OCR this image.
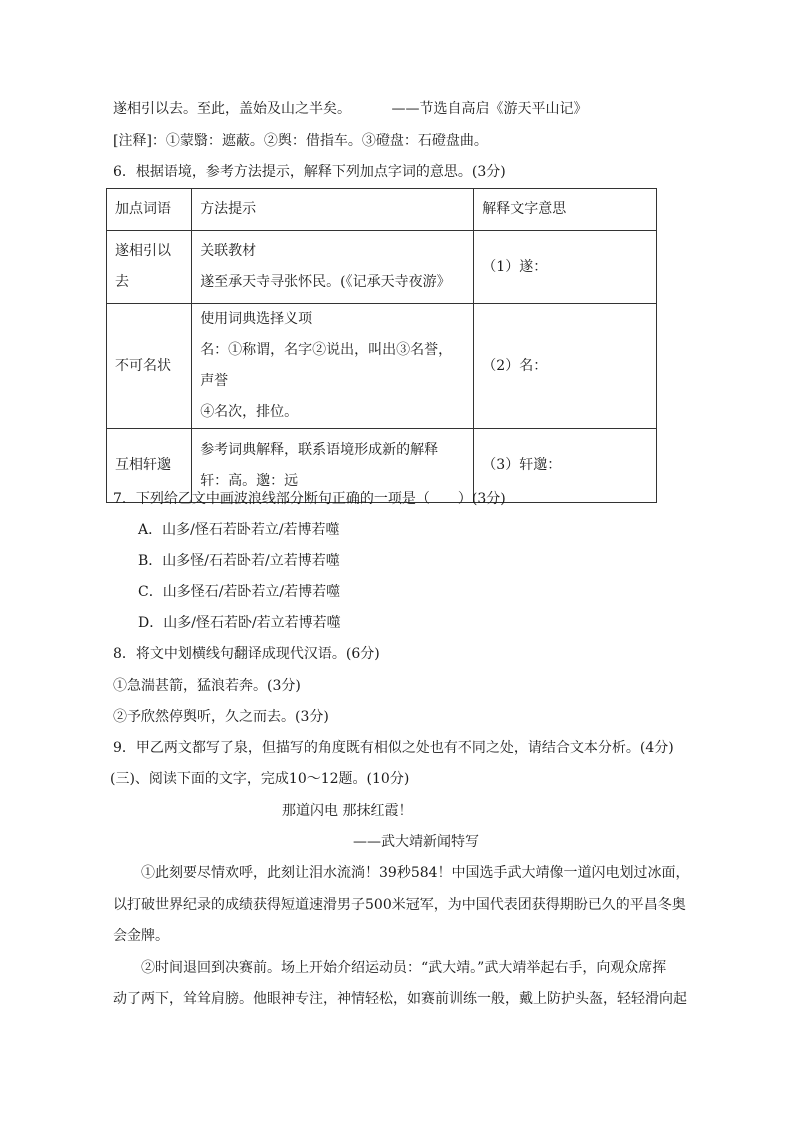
遂相引以去。至此，盖始及山之半矣。	——节选自高启《游天平山记》
[注释]：①蒙翳：遮蔽。②舆：借指车。③磴盘：石磴盘曲。
6．根据语境，参考方法提示，解释下列加点字词的意思。(3分)
加点词语	方法提示	解释文字意思
遂相引以去	关联教材
遂至承天寺寻张怀民。(《记承天寺夜游》	（1）遂：
不可名状	使用词典选择义项
名：①称谓，名字②说出，叫出③名誉，声誉
④名次，排位。	（2）名：
互相轩邈	参考词典解释，联系语境形成新的解释
轩：高。邈：远	（3）轩邈：
7．下列给乙文中画波浪线部分断句正确的一项是（　　）(3分)
A．山多/怪石若卧若立/若博若噬
B．山多怪/石若卧若/立若博若噬
C．山多怪石/若卧若立/若博若噬
D．山多/怪石若卧/若立若博若噬
8．将文中划横线句翻译成现代汉语。(6分)
①急湍甚箭，猛浪若奔。(3分)
②予欣然停舆听，久之而去。(3分)
9．甲乙两文都写了泉，但描写的角度既有相似之处也有不同之处，请结合文本分析。(4分)
(三)、阅读下面的文字，完成10～12题。(10分)
那道闪电 那抹红霞！
——武大靖新闻特写
①此刻要尽情欢呼，此刻让泪水流淌！39秒584！中国选手武大靖像一道闪电划过冰面，
以打破世界纪录的成绩获得短道速滑男子500米冠军，为中国代表团获得期盼已久的平昌冬奥
会金牌。
②时间退回到决赛前。场上开始介绍运动员：“武大靖。”武大靖举起右手，向观众席挥
动了两下，耸耸肩膀。他眼神专注，神情轻松，如赛前训练一般，戴上防护头盔，轻轻滑向起
